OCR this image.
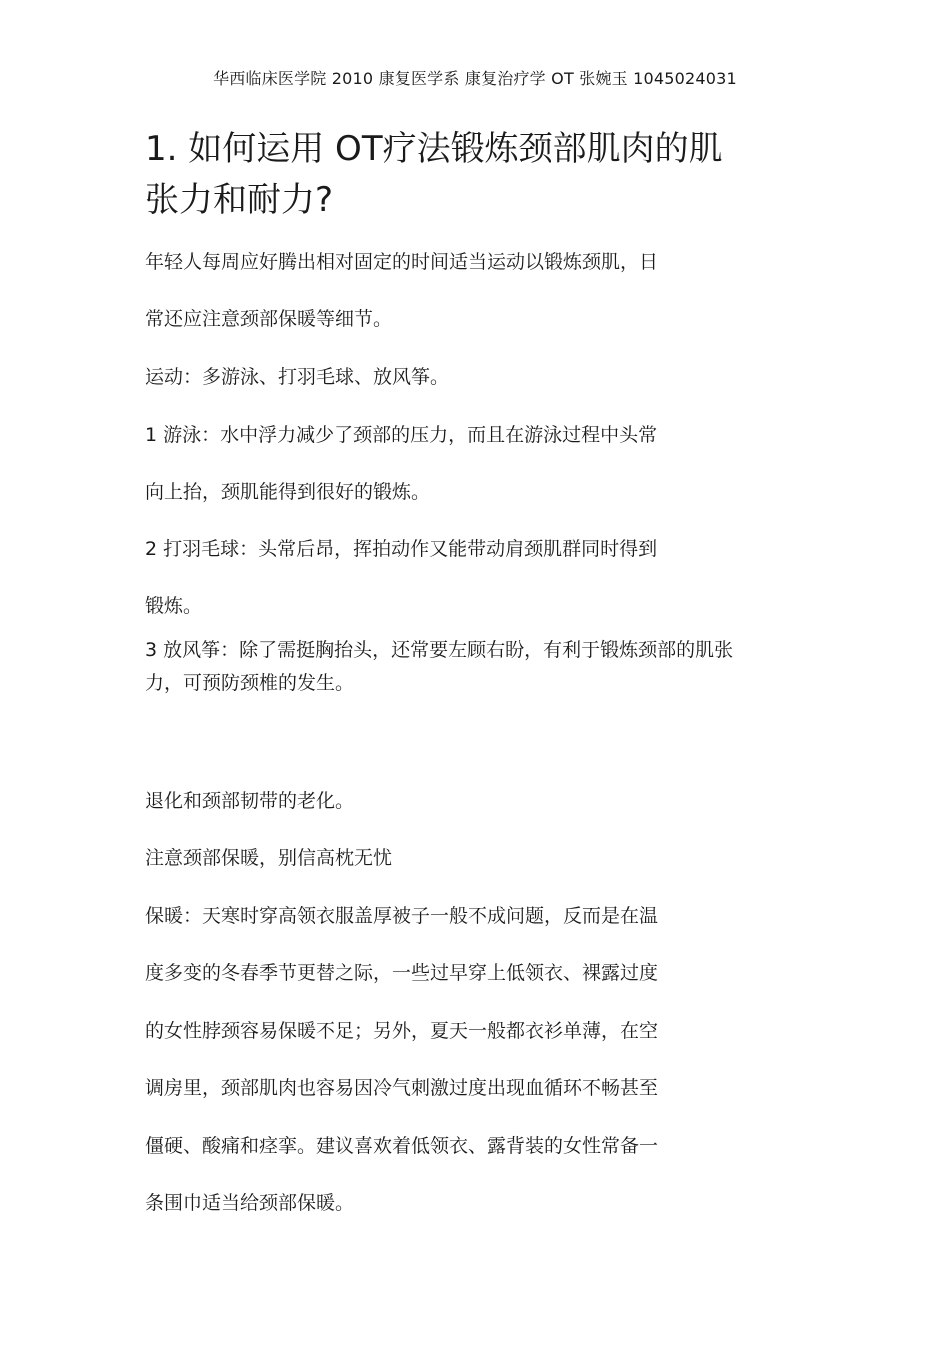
华西临床医学院 2010 康复医学系 康复治疗学 OT 张婉玉 1045024031
1. 如何运用 OT疗法锻炼颈部肌肉的肌
张力和耐力?
年轻人每周应好腾出相对固定的时间适当运动以锻炼颈肌，日
常还应注意颈部保暖等细节。
运动：多游泳、打羽毛球、放风筝。
1 游泳：水中浮力减少了颈部的压力，而且在游泳过程中头常
向上抬，颈肌能得到很好的锻炼。
2 打羽毛球：头常后昂，挥拍动作又能带动肩颈肌群同时得到
锻炼。
3 放风筝：除了需挺胸抬头，还常要左顾右盼，有利于锻炼颈部的肌张力，可预防颈椎的发生。
退化和颈部韧带的老化。
注意颈部保暖，别信高枕无忧
保暖：天寒时穿高领衣服盖厚被子一般不成问题，反而是在温
度多变的冬春季节更替之际，一些过早穿上低领衣、裸露过度
的女性脖颈容易保暖不足；另外，夏天一般都衣衫单薄，在空
调房里，颈部肌肉也容易因冷气刺激过度出现血循环不畅甚至
僵硬、酸痛和痉挛。建议喜欢着低领衣、露背装的女性常备一
条围巾适当给颈部保暖。
